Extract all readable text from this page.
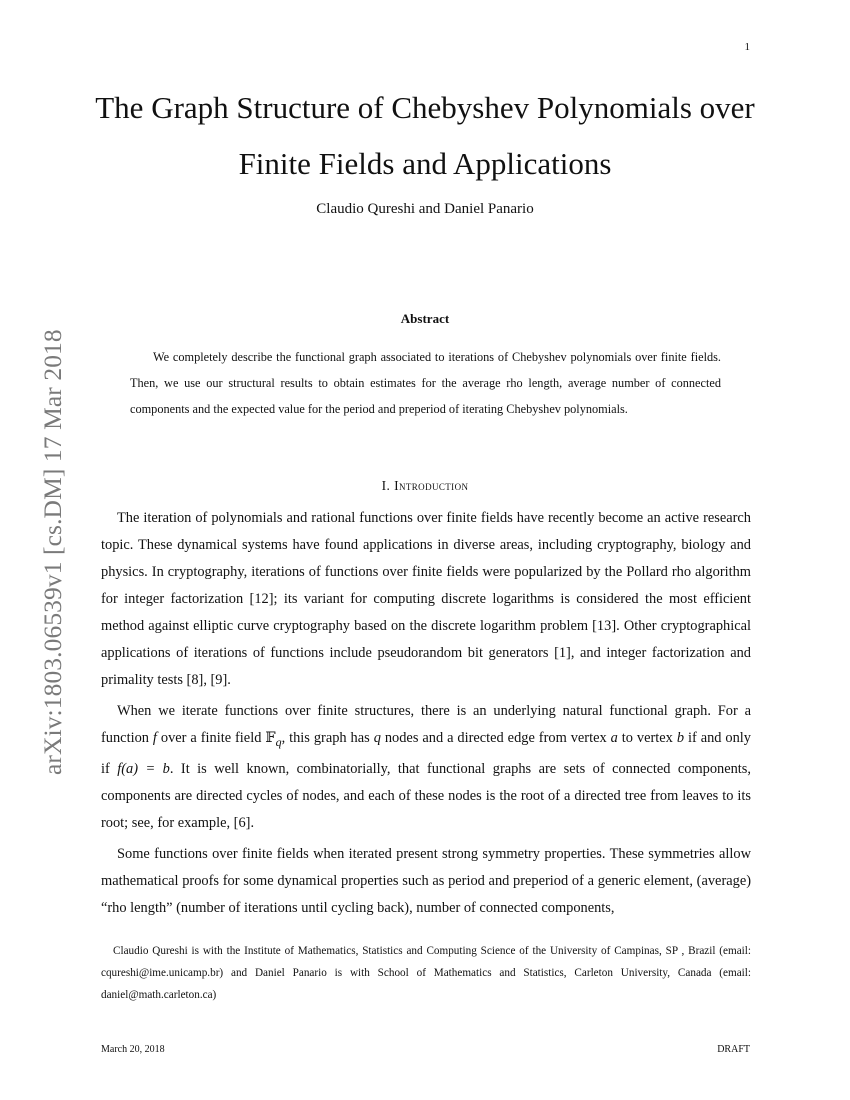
1
arXiv:1803.06539v1 [cs.DM] 17 Mar 2018
The Graph Structure of Chebyshev Polynomials over Finite Fields and Applications
Claudio Qureshi and Daniel Panario
Abstract

We completely describe the functional graph associated to iterations of Chebyshev polynomials over finite fields. Then, we use our structural results to obtain estimates for the average rho length, average number of connected components and the expected value for the period and preperiod of iterating Chebyshev polynomials.

I. Introduction

The iteration of polynomials and rational functions over finite fields have recently become an active research topic. These dynamical systems have found applications in diverse areas, including cryptography, biology and physics. In cryptography, iterations of functions over finite fields were popularized by the Pollard rho algorithm for integer factorization [12]; its variant for computing discrete logarithms is considered the most efficient method against elliptic curve cryptography based on the discrete logarithm problem [13]. Other cryptographical applications of iterations of functions include pseudorandom bit generators [1], and integer factorization and primality tests [8], [9].

When we iterate functions over finite structures, there is an underlying natural functional graph. For a function f over a finite field 𝔽$_q$, this graph has q nodes and a directed edge from vertex a to vertex b if and only if f(a) = b. It is well known, combinatorially, that functional graphs are sets of connected components, components are directed cycles of nodes, and each of these nodes is the root of a directed tree from leaves to its root; see, for example, [6].

Some functions over finite fields when iterated present strong symmetry properties. These symmetries allow mathematical proofs for some dynamical properties such as period and preperiod of a generic element, (average) “rho length” (number of iterations until cycling back), number of connected components,

Claudio Qureshi is with the Institute of Mathematics, Statistics and Computing Science of the University of Campinas, SP , Brazil (email: cqureshi@ime.unicamp.br) and Daniel Panario is with School of Mathematics and Statistics, Carleton University, Canada (email: daniel@math.carleton.ca)

March 20, 2018	DRAFT
